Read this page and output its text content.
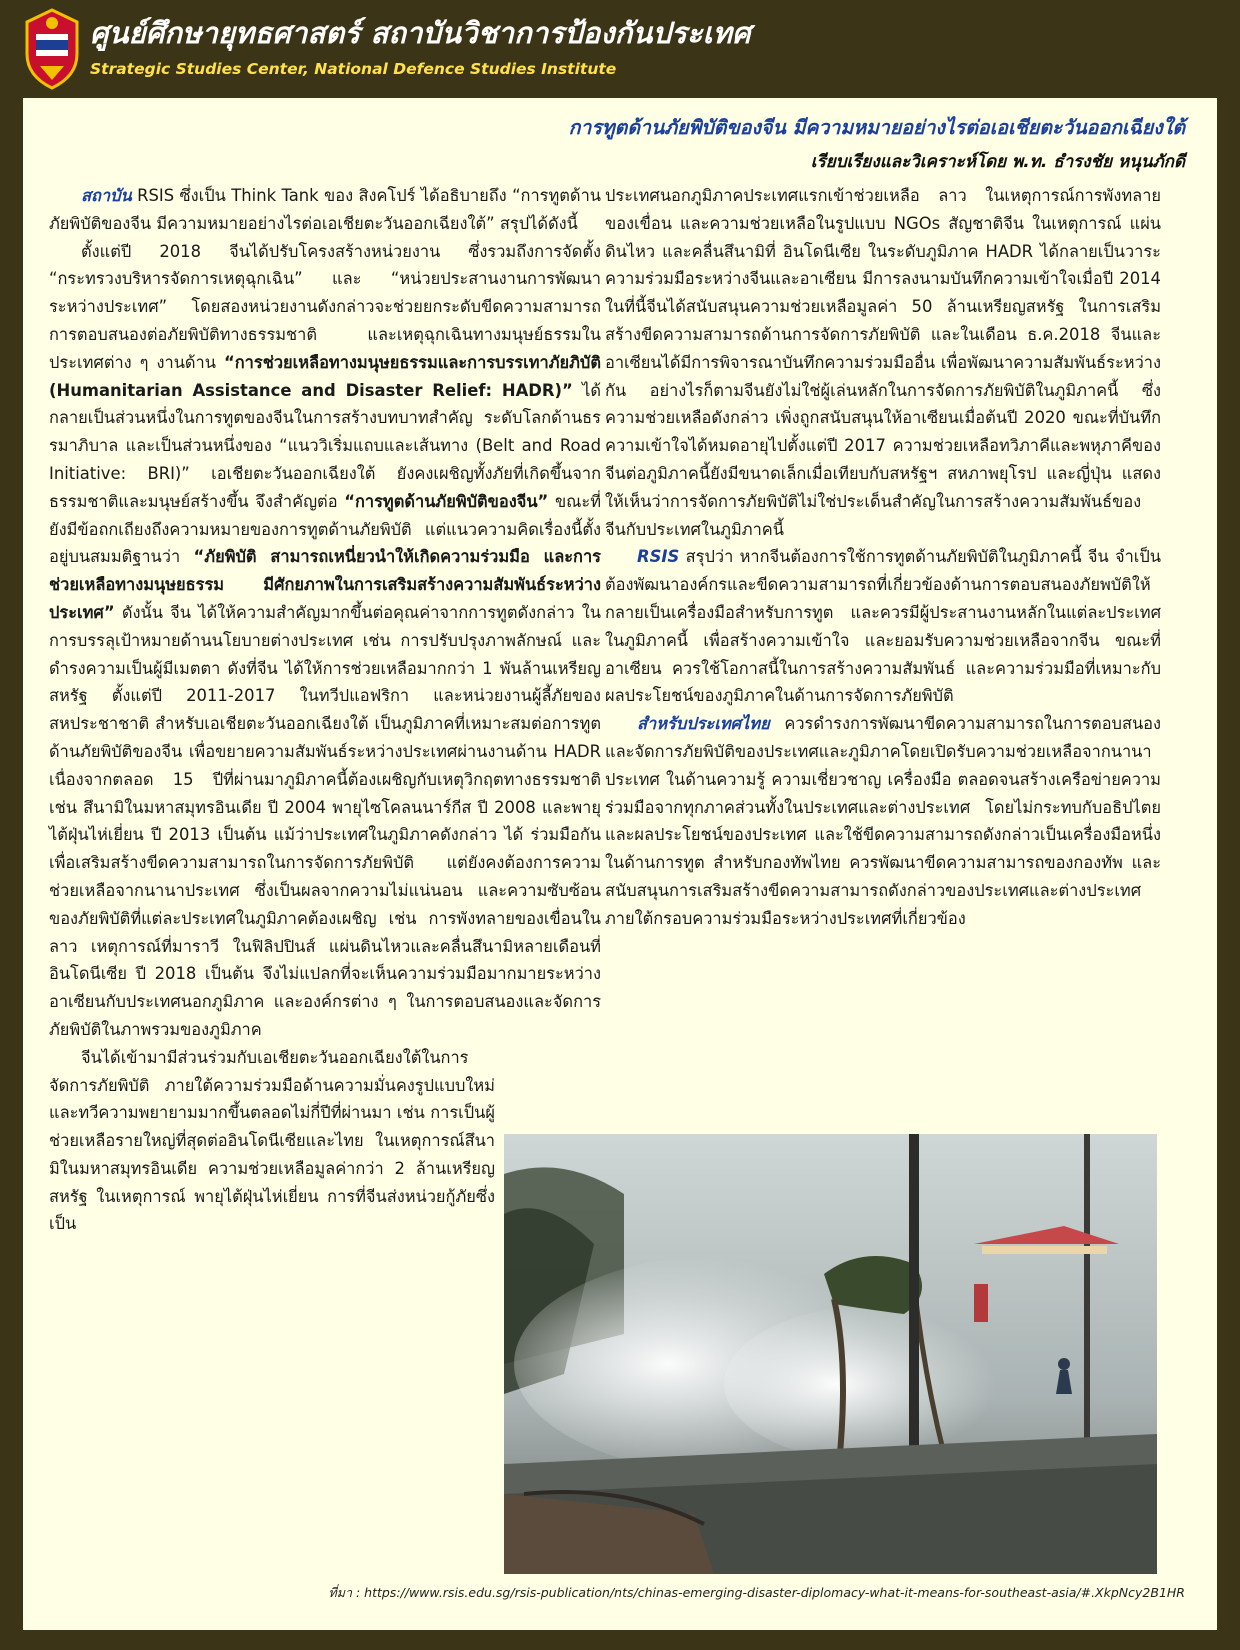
ศูนย์ศึกษายุทธศาสตร์ สถาบันวิชาการป้องกันประเทศ
Strategic Studies Center, National Defence Studies Institute
การทูตด้านภัยพิบัติของจีน มีความหมายอย่างไรต่อเอเชียตะวันออกเฉียงใต้
เรียบเรียงและวิเคราะห์โดย พ.ท. ธำรงชัย หนุนภักดี

สถาบัน RSIS ซึ่งเป็น Think Tank ของ สิงคโปร์ ได้อธิบายถึง “การทูตด้านภัยพิบัติของจีน มีความหมายอย่างไรต่อเอเชียตะวันออกเฉียงใต้” สรุปได้ดังนี้

ตั้งแต่ปี 2018 จีนได้ปรับโครงสร้างหน่วยงาน ซึ่งรวมถึงการจัดตั้ง “กระทรวงบริหารจัดการเหตุฉุกเฉิน” และ “หน่วยประสานงานการพัฒนาระหว่างประเทศ” โดยสองหน่วยงานดังกล่าวจะช่วยยกระดับขีดความสามารถการตอบสนองต่อภัยพิบัติทางธรรมชาติ และเหตุฉุกเฉินทางมนุษย์ธรรมในประเทศต่าง ๆ งานด้าน “การช่วยเหลือทางมนุษยธรรมและการบรรเทาภัยภิบัติ (Humanitarian Assistance and Disaster Relief: HADR)” ได้กลายเป็นส่วนหนึ่งในการทูตของจีนในการสร้างบทบาทสำคัญ ระดับโลกด้านธรรมาภิบาล และเป็นส่วนหนึ่งของ “แนววิเริ่มแถบและเส้นทาง (Belt and Road Initiative: BRI)” เอเชียตะวันออกเฉียงใต้ ยังคงเผชิญทั้งภัยที่เกิดขึ้นจากธรรมชาติและมนุษย์สร้างขึ้น จึงสำคัญต่อ “การทูตด้านภัยพิบัติของจีน” ขณะที่ยังมีข้อถกเถียงถึงความหมายของการทูตด้านภัยพิบัติ แต่แนวความคิดเรื่องนี้ตั้งอยู่บนสมมติฐานว่า “ภัยพิบัติ สามารถเหนี่ยวนำให้เกิดความร่วมมือ และการช่วยเหลือทางมนุษยธรรม มีศักยภาพในการเสริมสร้างความสัมพันธ์ระหว่างประเทศ” ดังนั้น จีน ได้ให้ความสำคัญมากขึ้นต่อคุณค่าจากการทูตดังกล่าว ในการบรรลุเป้าหมายด้านนโยบายต่างประเทศ เช่น การปรับปรุงภาพลักษณ์ และดำรงความเป็นผู้มีเมตตา ดังที่จีน ได้ให้การช่วยเหลือมากกว่า 1 พันล้านเหรียญสหรัฐ ตั้งแต่ปี 2011-2017 ในทวีปแอฟริกา และหน่วยงานผู้ลี้ภัยของสหประชาชาติ สำหรับเอเชียตะวันออกเฉียงใต้ เป็นภูมิภาคที่เหมาะสมต่อการทูตด้านภัยพิบัติของจีน เพื่อขยายความสัมพันธ์ระหว่างประเทศผ่านงานด้าน HADR เนื่องจากตลอด 15 ปีที่ผ่านมาภูมิภาคนี้ต้องเผชิญกับเหตุวิกฤตทางธรรมชาติ เช่น สึนามิในมหาสมุทรอินเดีย ปี 2004 พายุไซโคลนนาร์กีส ปี 2008 และพายุไต้ฝุ่นไห่เยี่ยน ปี 2013 เป็นต้น แม้ว่าประเทศในภูมิภาคดังกล่าว ได้ ร่วมมือกันเพื่อเสริมสร้างขีดความสามารถในการจัดการภัยพิบัติ แต่ยังคงต้องการความช่วยเหลือจากนานาประเทศ ซึ่งเป็นผลจากความไม่แน่นอน และความซับซ้อนของภัยพิบัติที่แต่ละประเทศในภูมิภาคต้องเผชิญ เช่น การพังทลายของเขื่อนในลาว เหตุการณ์ที่มาราวี ในฟิลิปปินส์ แผ่นดินไหวและคลื่นสึนามิหลายเดือนที่อินโดนีเซีย ปี 2018 เป็นต้น จึงไม่แปลกที่จะเห็นความร่วมมือมากมายระหว่างอาเซียนกับประเทศนอกภูมิภาค และองค์กรต่าง ๆ ในการตอบสนองและจัดการภัยพิบัติในภาพรวมของภูมิภาค

จีนได้เข้ามามีส่วนร่วมกับเอเชียตะวันออกเฉียงใต้ในการจัดการภัยพิบัติ ภายใต้ความร่วมมือด้านความมั่นคงรูปแบบใหม่ และทวีความพยายามมากขึ้นตลอดไม่กี่ปีที่ผ่านมา เช่น การเป็นผู้ช่วยเหลือรายใหญ่ที่สุดต่ออินโดนีเซียและไทย ในเหตุการณ์สึนามิในมหาสมุทรอินเดีย ความช่วยเหลือมูลค่ากว่า 2 ล้านเหรียญสหรัฐ ในเหตุการณ์ พายุไต้ฝุ่นไห่เยี่ยน การที่จีนส่งหน่วยกู้ภัยซึ่งเป็น

ประเทศนอกภูมิภาคประเทศแรกเข้าช่วยเหลือ ลาว ในเหตุการณ์การพังทลายของเขื่อน และความช่วยเหลือในรูปแบบ NGOs สัญชาติจีน ในเหตุการณ์ แผ่นดินไหว และคลื่นสึนามิที่ อินโดนีเซีย ในระดับภูมิภาค HADR ได้กลายเป็นวาระความร่วมมือระหว่างจีนและอาเซียน มีการลงนามบันทึกความเข้าใจเมื่อปี 2014 ในที่นี้จีนได้สนับสนุนความช่วยเหลือมูลค่า 50 ล้านเหรียญสหรัฐ ในการเสริมสร้างขีดความสามารถด้านการจัดการภัยพิบัติ และในเดือน ธ.ค.2018 จีนและอาเซียนได้มีการพิจารณาบันทึกความร่วมมืออื่น เพื่อพัฒนาความสัมพันธ์ระหว่างกัน อย่างไรก็ตามจีนยังไม่ใช่ผู้เล่นหลักในการจัดการภัยพิบัติในภูมิภาคนี้ ซึ่งความช่วยเหลือดังกล่าว เพิ่งถูกสนับสนุนให้อาเซียนเมื่อต้นปี 2020 ขณะที่บันทึกความเข้าใจได้หมดอายุไปตั้งแต่ปี 2017 ความช่วยเหลือทวิภาคีและพหุภาคีของจีนต่อภูมิภาคนี้ยังมีขนาดเล็กเมื่อเทียบกับสหรัฐฯ สหภาพยุโรป และญี่ปุ่น แสดงให้เห็นว่าการจัดการภัยพิบัติไม่ใช่ประเด็นสำคัญในการสร้างความสัมพันธ์ของจีนกับประเทศในภูมิภาคนี้

RSIS สรุปว่า หากจีนต้องการใช้การทูตด้านภัยพิบัติในภูมิภาคนี้ จีน จำเป็นต้องพัฒนาองค์กรและขีดความสามารถที่เกี่ยวข้องด้านการตอบสนองภัยพบัติให้กลายเป็นเครื่องมือสำหรับการทูต และควรมีผู้ประสานงานหลักในแต่ละประเทศในภูมิภาคนี้ เพื่อสร้างความเข้าใจ และยอมรับความช่วยเหลือจากจีน ขณะที่อาเซียน ควรใช้โอกาสนี้ในการสร้างความสัมพันธ์ และความร่วมมือที่เหมาะกับผลประโยชน์ของภูมิภาคในด้านการจัดการภัยพิบัติ

สำหรับประเทศไทย ควรดำรงการพัฒนาขีดความสามารถในการตอบสนอง และจัดการภัยพิบัติของประเทศและภูมิภาคโดยเปิดรับความช่วยเหลือจากนานาประเทศ ในด้านความรู้ ความเชี่ยวชาญ เครื่องมือ ตลอดจนสร้างเครือข่ายความร่วมมือจากทุกภาคส่วนทั้งในประเทศและต่างประเทศ โดยไม่กระทบกับอธิปไตยและผลประโยชน์ของประเทศ และใช้ขีดความสามารถดังกล่าวเป็นเครื่องมือหนึ่งในด้านการทูต สำหรับกองทัพไทย ควรพัฒนาขีดความสามารถของกองทัพ และสนับสนุนการเสริมสร้างขีดความสามารถดังกล่าวของประเทศและต่างประเทศ ภายใต้กรอบความร่วมมือระหว่างประเทศที่เกี่ยวข้อง

ที่มา : https://www.rsis.edu.sg/rsis-publication/nts/chinas-emerging-disaster-diplomacy-what-it-means-for-southeast-asia/#.XkpNcy2B1HR
